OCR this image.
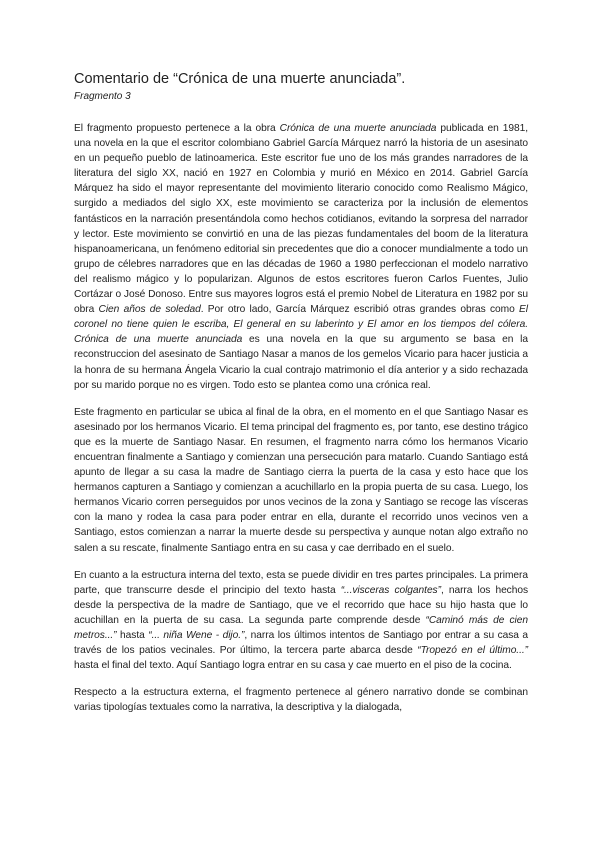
Comentario de “Crónica de una muerte anunciada”.
Fragmento 3

El fragmento propuesto pertenece a la obra Crónica de una muerte anunciada publicada en 1981, una novela en la que el escritor colombiano Gabriel García Márquez narró la historia de un asesinato en un pequeño pueblo de latinoamerica. Este escritor fue uno de los más grandes narradores de la literatura del siglo XX, nació en 1927 en Colombia y murió en México en 2014. Gabriel García Márquez ha sido el mayor representante del movimiento literario conocido como Realismo Mágico, surgido a mediados del siglo XX, este movimiento se caracteriza por la inclusión de elementos fantásticos en la narración presentándola como hechos cotidianos, evitando la sorpresa del narrador y lector. Este movimiento se convirtió en una de las piezas fundamentales del boom de la literatura hispanoamericana, un fenómeno editorial sin precedentes que dio a conocer mundialmente a todo un grupo de célebres narradores que en las décadas de 1960 a 1980 perfeccionan el modelo narrativo del realismo mágico y lo popularizan. Algunos de estos escritores fueron Carlos Fuentes, Julio Cortázar o José Donoso. Entre sus mayores logros está el premio Nobel de Literatura en 1982 por su obra Cien años de soledad. Por otro lado, García Márquez escribió otras grandes obras como El coronel no tiene quien le escriba, El general en su laberinto y El amor en los tiempos del cólera. Crónica de una muerte anunciada es una novela en la que su argumento se basa en la reconstruccion del asesinato de Santiago Nasar a manos de los gemelos Vicario para hacer justicia a la honra de su hermana Ángela Vicario la cual contrajo matrimonio el día anterior y a sido rechazada por su marido porque no es virgen. Todo esto se plantea como una crónica real.

Este fragmento en particular se ubica al final de la obra, en el momento en el que Santiago Nasar es asesinado por los hermanos Vicario. El tema principal del fragmento es, por tanto, ese destino trágico que es la muerte de Santiago Nasar. En resumen, el fragmento narra cómo los hermanos Vicario encuentran finalmente a Santiago y comienzan una persecución para matarlo. Cuando Santiago está apunto de llegar a su casa la madre de Santiago cierra la puerta de la casa y esto hace que los hermanos capturen a Santiago y comienzan a acuchillarlo en la propia puerta de su casa. Luego, los hermanos Vicario corren perseguidos por unos vecinos de la zona y Santiago se recoge las vísceras con la mano y rodea la casa para poder entrar en ella, durante el recorrido unos vecinos ven a Santiago, estos comienzan a narrar la muerte desde su perspectiva y aunque notan algo extraño no salen a su rescate, finalmente Santiago entra en su casa y cae derribado en el suelo.

En cuanto a la estructura interna del texto, esta se puede dividir en tres partes principales. La primera parte, que transcurre desde el principio del texto hasta “...visceras colgantes”, narra los hechos desde la perspectiva de la madre de Santiago, que ve el recorrido que hace su hijo hasta que lo acuchillan en la puerta de su casa. La segunda parte comprende desde “Caminó más de cien metros...” hasta “... niña Wene - dijo.”, narra los últimos intentos de Santiago por entrar a su casa a través de los patios vecinales. Por último, la tercera parte abarca desde “Tropezó en el último...” hasta el final del texto. Aquí Santiago logra entrar en su casa y cae muerto en el piso de la cocina.

Respecto a la estructura externa, el fragmento pertenece al género narrativo donde se combinan varias tipologías textuales como la narrativa, la descriptiva y la dialogada,
